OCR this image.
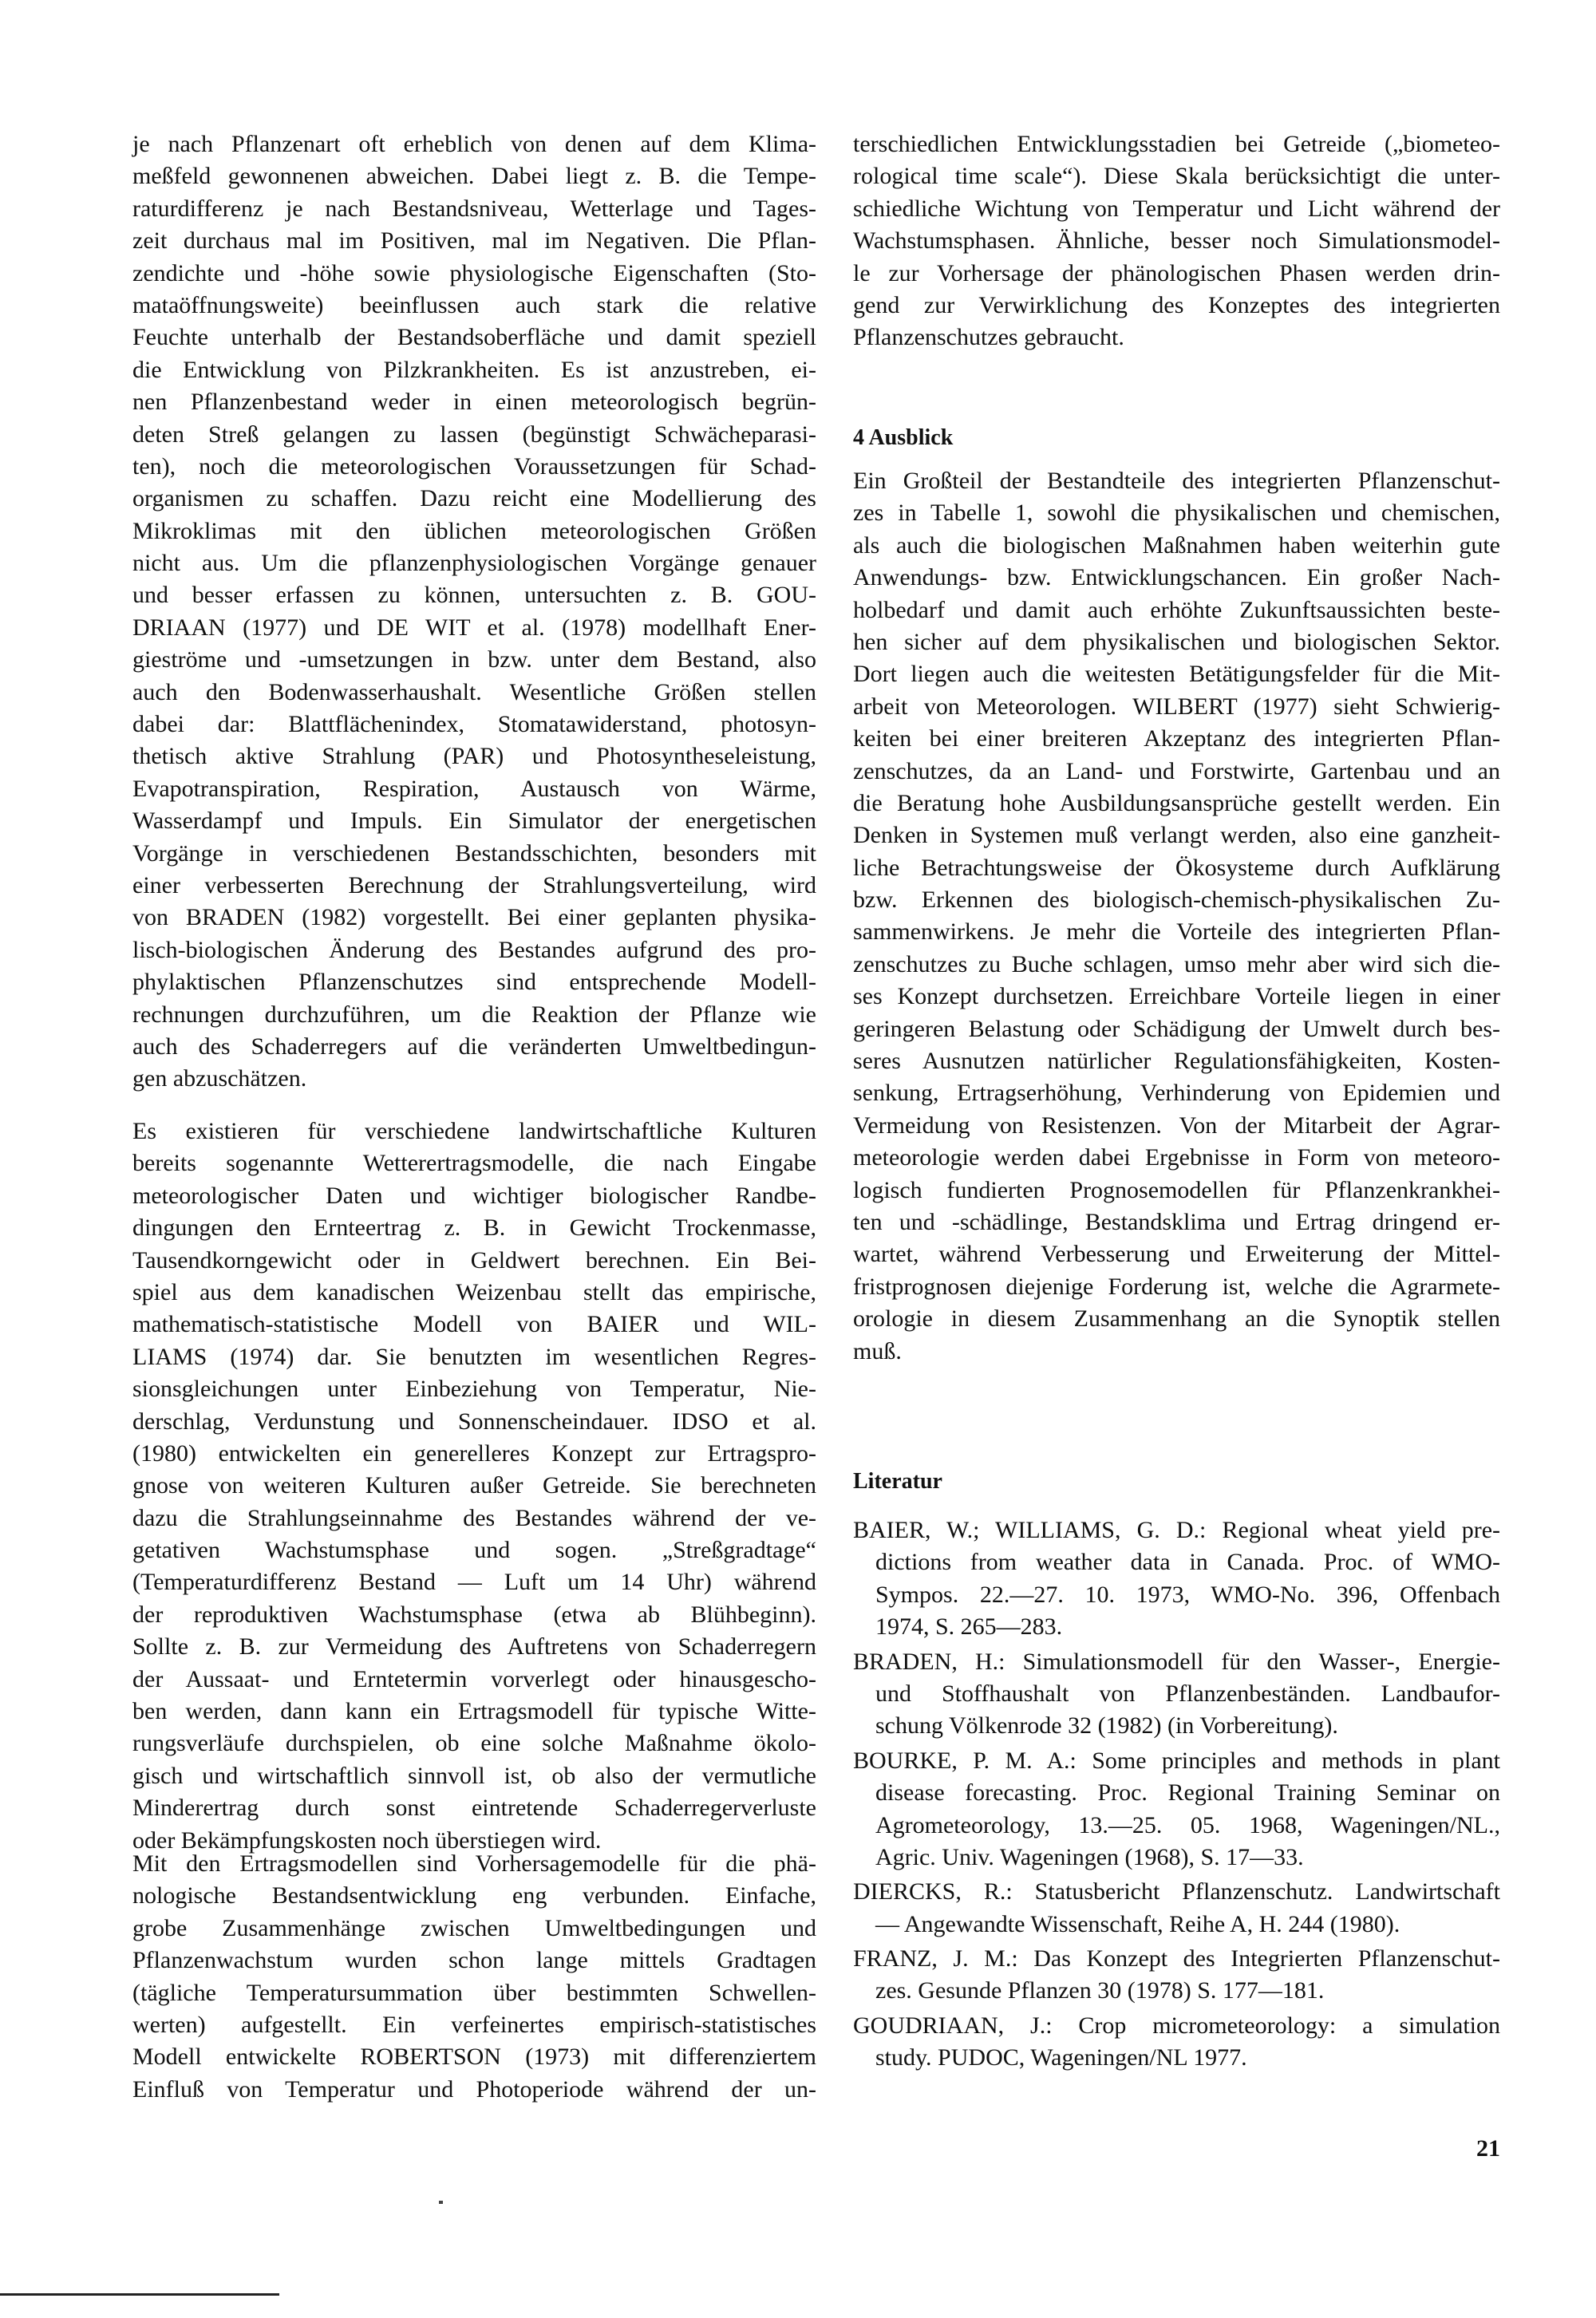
je nach Pflanzenart oft erheblich von denen auf dem Klima-
meßfeld gewonnenen abweichen. Dabei liegt z. B. die Tempe-
raturdifferenz je nach Bestandsniveau, Wetterlage und Tages-
zeit durchaus mal im Positiven, mal im Negativen. Die Pflan-
zendichte und -höhe sowie physiologische Eigenschaften (Sto-
mataöffnungsweite) beeinflussen auch stark die relative
Feuchte unterhalb der Bestandsoberfläche und damit speziell
die Entwicklung von Pilzkrankheiten. Es ist anzustreben, ei-
nen Pflanzenbestand weder in einen meteorologisch begrün-
deten Streß gelangen zu lassen (begünstigt Schwächeparasi-
ten), noch die meteorologischen Voraussetzungen für Schad-
organismen zu schaffen. Dazu reicht eine Modellierung des
Mikroklimas mit den üblichen meteorologischen Größen
nicht aus. Um die pflanzenphysiologischen Vorgänge genauer
und besser erfassen zu können, untersuchten z. B. GOU-
DRIAAN (1977) und DE WIT et al. (1978) modellhaft Ener-
gieströme und -umsetzungen in bzw. unter dem Bestand, also
auch den Bodenwasserhaushalt. Wesentliche Größen stellen
dabei dar: Blattflächenindex, Stomatawiderstand, photosyn-
thetisch aktive Strahlung (PAR) und Photosyntheseleistung,
Evapotranspiration, Respiration, Austausch von Wärme,
Wasserdampf und Impuls. Ein Simulator der energetischen
Vorgänge in verschiedenen Bestandsschichten, besonders mit
einer verbesserten Berechnung der Strahlungsverteilung, wird
von BRADEN (1982) vorgestellt. Bei einer geplanten physika-
lisch-biologischen Änderung des Bestandes aufgrund des pro-
phylaktischen Pflanzenschutzes sind entsprechende Modell-
rechnungen durchzuführen, um die Reaktion der Pflanze wie
auch des Schaderregers auf die veränderten Umweltbedingun-
gen abzuschätzen.
Es existieren für verschiedene landwirtschaftliche Kulturen
bereits sogenannte Wetterertragsmodelle, die nach Eingabe
meteorologischer Daten und wichtiger biologischer Randbe-
dingungen den Ernteertrag z. B. in Gewicht Trockenmasse,
Tausendkorngewicht oder in Geldwert berechnen. Ein Bei-
spiel aus dem kanadischen Weizenbau stellt das empirische,
mathematisch-statistische Modell von BAIER und WIL-
LIAMS (1974) dar. Sie benutzten im wesentlichen Regres-
sionsgleichungen unter Einbeziehung von Temperatur, Nie-
derschlag, Verdunstung und Sonnenscheindauer. IDSO et al.
(1980) entwickelten ein generelleres Konzept zur Ertragspro-
gnose von weiteren Kulturen außer Getreide. Sie berechneten
dazu die Strahlungseinnahme des Bestandes während der ve-
getativen Wachstumsphase und sogen. „Streßgradtage“
(Temperaturdifferenz Bestand — Luft um 14 Uhr) während
der reproduktiven Wachstumsphase (etwa ab Blühbeginn).
Sollte z. B. zur Vermeidung des Auftretens von Schaderregern
der Aussaat- und Erntetermin vorverlegt oder hinausgescho-
ben werden, dann kann ein Ertragsmodell für typische Witte-
rungsverläufe durchspielen, ob eine solche Maßnahme ökolo-
gisch und wirtschaftlich sinnvoll ist, ob also der vermutliche
Minderertrag durch sonst eintretende Schaderregerverluste
oder Bekämpfungskosten noch überstiegen wird.
Mit den Ertragsmodellen sind Vorhersagemodelle für die phä-
nologische Bestandsentwicklung eng verbunden. Einfache,
grobe Zusammenhänge zwischen Umweltbedingungen und
Pflanzenwachstum wurden schon lange mittels Gradtagen
(tägliche Temperatursummation über bestimmten Schwellen-
werten) aufgestellt. Ein verfeinertes empirisch-statistisches
Modell entwickelte ROBERTSON (1973) mit differenziertem
Einfluß von Temperatur und Photoperiode während der un-
terschiedlichen Entwicklungsstadien bei Getreide („biometeo-
rological time scale“). Diese Skala berücksichtigt die unter-
schiedliche Wichtung von Temperatur und Licht während der
Wachstumsphasen. Ähnliche, besser noch Simulationsmodel-
le zur Vorhersage der phänologischen Phasen werden drin-
gend zur Verwirklichung des Konzeptes des integrierten
Pflanzenschutzes gebraucht.
4 Ausblick
Ein Großteil der Bestandteile des integrierten Pflanzenschut-
zes in Tabelle 1, sowohl die physikalischen und chemischen,
als auch die biologischen Maßnahmen haben weiterhin gute
Anwendungs- bzw. Entwicklungschancen. Ein großer Nach-
holbedarf und damit auch erhöhte Zukunftsaussichten beste-
hen sicher auf dem physikalischen und biologischen Sektor.
Dort liegen auch die weitesten Betätigungsfelder für die Mit-
arbeit von Meteorologen. WILBERT (1977) sieht Schwierig-
keiten bei einer breiteren Akzeptanz des integrierten Pflan-
zenschutzes, da an Land- und Forstwirte, Gartenbau und an
die Beratung hohe Ausbildungsansprüche gestellt werden. Ein
Denken in Systemen muß verlangt werden, also eine ganzheit-
liche Betrachtungsweise der Ökosysteme durch Aufklärung
bzw. Erkennen des biologisch-chemisch-physikalischen Zu-
sammenwirkens. Je mehr die Vorteile des integrierten Pflan-
zenschutzes zu Buche schlagen, umso mehr aber wird sich die-
ses Konzept durchsetzen. Erreichbare Vorteile liegen in einer
geringeren Belastung oder Schädigung der Umwelt durch bes-
seres Ausnutzen natürlicher Regulationsfähigkeiten, Kosten-
senkung, Ertragserhöhung, Verhinderung von Epidemien und
Vermeidung von Resistenzen. Von der Mitarbeit der Agrar-
meteorologie werden dabei Ergebnisse in Form von meteoro-
logisch fundierten Prognosemodellen für Pflanzenkrankhei-
ten und -schädlinge, Bestandsklima und Ertrag dringend er-
wartet, während Verbesserung und Erweiterung der Mittel-
fristprognosen diejenige Forderung ist, welche die Agrarmete-
orologie in diesem Zusammenhang an die Synoptik stellen
muß.
Literatur
BAIER, W.; WILLIAMS, G. D.: Regional wheat yield pre-
dictions from weather data in Canada. Proc. of WMO-
Sympos. 22.—27. 10. 1973, WMO-No. 396, Offenbach
1974, S. 265—283.
BRADEN, H.: Simulationsmodell für den Wasser-, Energie-
und Stoffhaushalt von Pflanzenbeständen. Landbaufor-
schung Völkenrode 32 (1982) (in Vorbereitung).
BOURKE, P. M. A.: Some principles and methods in plant
disease forecasting. Proc. Regional Training Seminar on
Agrometeorology, 13.—25. 05. 1968, Wageningen/NL.,
Agric. Univ. Wageningen (1968), S. 17—33.
DIERCKS, R.: Statusbericht Pflanzenschutz. Landwirtschaft
— Angewandte Wissenschaft, Reihe A, H. 244 (1980).
FRANZ, J. M.: Das Konzept des Integrierten Pflanzenschut-
zes. Gesunde Pflanzen 30 (1978) S. 177—181.
GOUDRIAAN, J.: Crop micrometeorology: a simulation
study. PUDOC, Wageningen/NL 1977.
21
